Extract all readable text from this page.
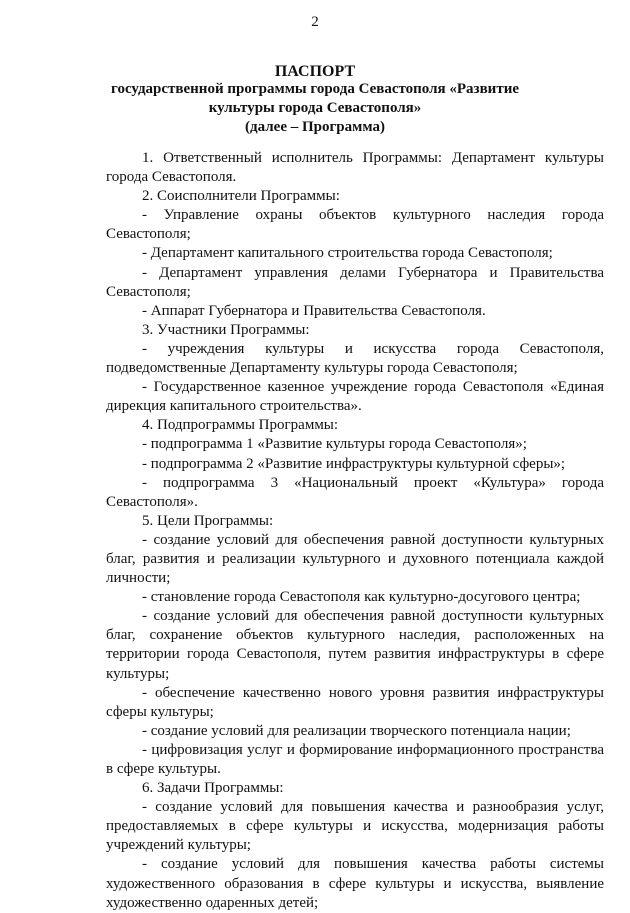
2
ПАСПОРТ
государственной программы города Севастополя «Развитие
культуры города Севастополя»
(далее – Программа)

1. Ответственный исполнитель Программы: Департамент культуры города Севастополя.

2. Соисполнители Программы:

- Управление охраны объектов культурного наследия города Севастополя;

- Департамент капитального строительства города Севастополя;

- Департамент управления делами Губернатора и Правительства Севастополя;

- Аппарат Губернатора и Правительства Севастополя.

3. Участники Программы:

- учреждения культуры и искусства города Севастополя, подведомственные Департаменту культуры города Севастополя;

- Государственное казенное учреждение города Севастополя «Единая дирекция капитального строительства».

4. Подпрограммы Программы:

- подпрограмма 1 «Развитие культуры города Севастополя»;

- подпрограмма 2 «Развитие инфраструктуры культурной сферы»;

- подпрограмма 3 «Национальный проект «Культура» города Севастополя».

5. Цели Программы:

- создание условий для обеспечения равной доступности культурных благ, развития и реализации культурного и духовного потенциала каждой личности;

- становление города Севастополя как культурно-досугового центра;

- создание условий для обеспечения равной доступности культурных благ, сохранение объектов культурного наследия, расположенных на территории города Севастополя, путем развития инфраструктуры в сфере культуры;

- обеспечение качественно нового уровня развития инфраструктуры сферы культуры;

- создание условий для реализации творческого потенциала нации;

- цифровизация услуг и формирование информационного пространства в сфере культуры.

6. Задачи Программы:

- создание условий для повышения качества и разнообразия услуг, предоставляемых в сфере культуры и искусства, модернизация работы учреждений культуры;

- создание условий для повышения качества работы системы художественного образования в сфере культуры и искусства, выявление художественно одаренных детей;
